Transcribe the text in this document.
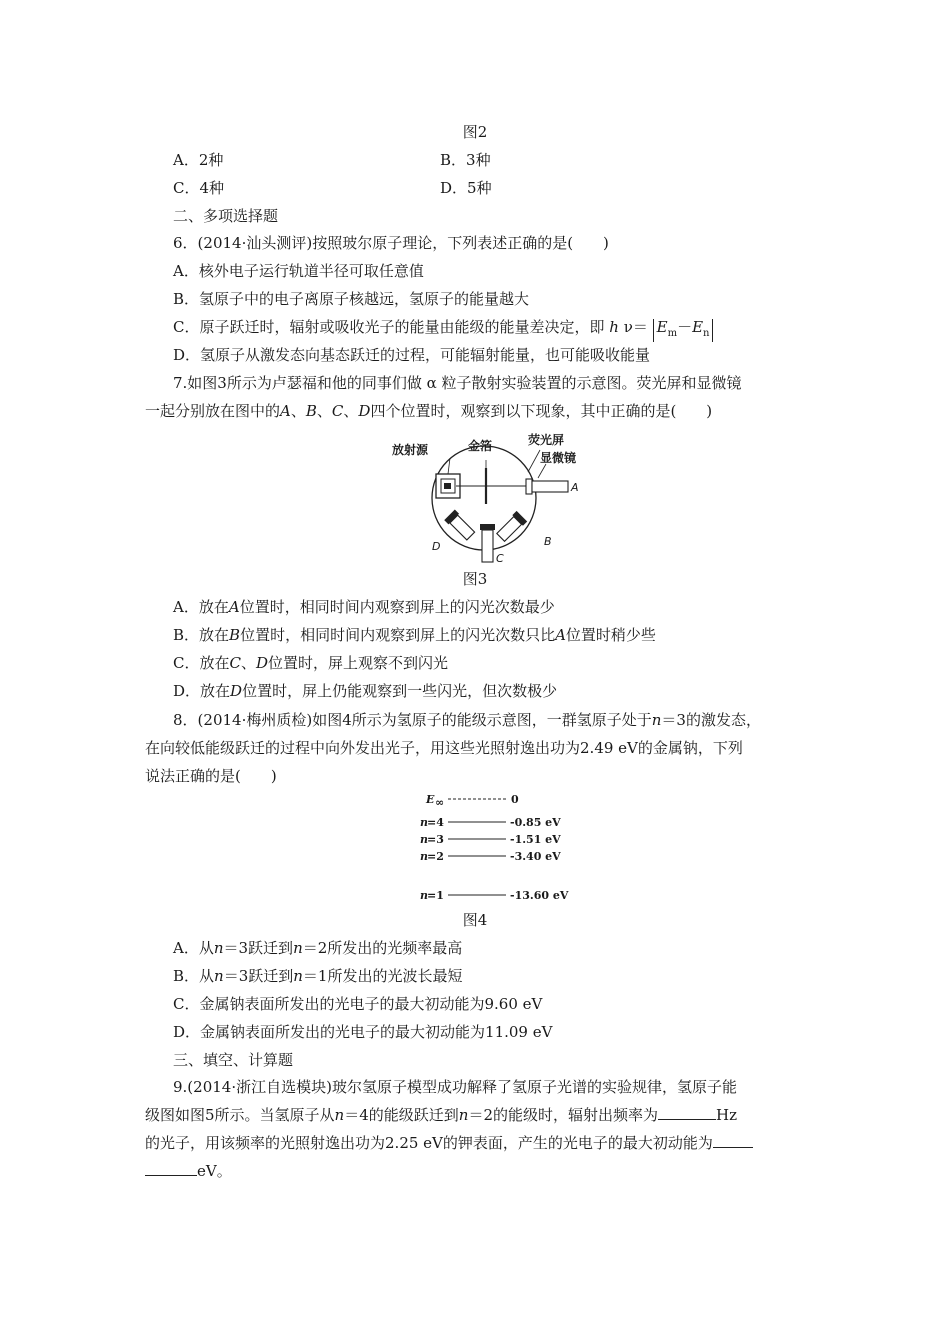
图2
A．2种	B．3种
C．4种	D．5种
二、多项选择题
6．(2014·汕头测评)按照玻尔原子理论，下列表述正确的是(　　)
A．核外电子运行轨道半径可取任意值
B．氢原子中的电子离原子核越远，氢原子的能量越大
C．原子跃迁时，辐射或吸收光子的能量由能级的能量差决定，即 h $\nu= E_m-E_n$
D．氢原子从激发态向基态跃迁的过程，可能辐射能量，也可能吸收能量
7.如图3所示为卢瑟福和他的同事们做 α 粒子散射实验装置的示意图。荧光屏和显微镜
一起分别放在图中的A、B、C、D四个位置时，观察到以下现象，其中正确的是(　　)
放射源	金箔	荧光屏
显微镜
A
B
C
D
图3
A．放在A位置时，相同时间内观察到屏上的闪光次数最少
B．放在B位置时，相同时间内观察到屏上的闪光次数只比A位置时稍少些
C．放在C、D位置时，屏上观察不到闪光
D．放在D位置时，屏上仍能观察到一些闪光，但次数极少
8．(2014·梅州质检)如图4所示为氢原子的能级示意图，一群氢原子处于n＝3的激发态，
在向较低能级跃迁的过程中向外发出光子，用这些光照射逸出功为2.49 eV的金属钠，下列
说法正确的是(　　)
E ∞	0
n =4	-0.85 eV
n =3	-1.51 eV
n =2	-3.40 eV
n =1	-13.60 eV
图4
A．从n＝3跃迁到n＝2所发出的光频率最高
B．从n＝3跃迁到n＝1所发出的光波长最短
C．金属钠表面所发出的光电子的最大初动能为9.60 eV
D．金属钠表面所发出的光电子的最大初动能为11.09 eV
三、填空、计算题
9.(2014·浙江自选模块)玻尔氢原子模型成功解释了氢原子光谱的实验规律，氢原子能
级图如图5所示。当氢原子从n＝4的能级跃迁到n＝2的能级时，辐射出频率为	Hz
的光子，用该频率的光照射逸出功为2.25 eV的钾表面，产生的光电子的最大初动能为
eV。
